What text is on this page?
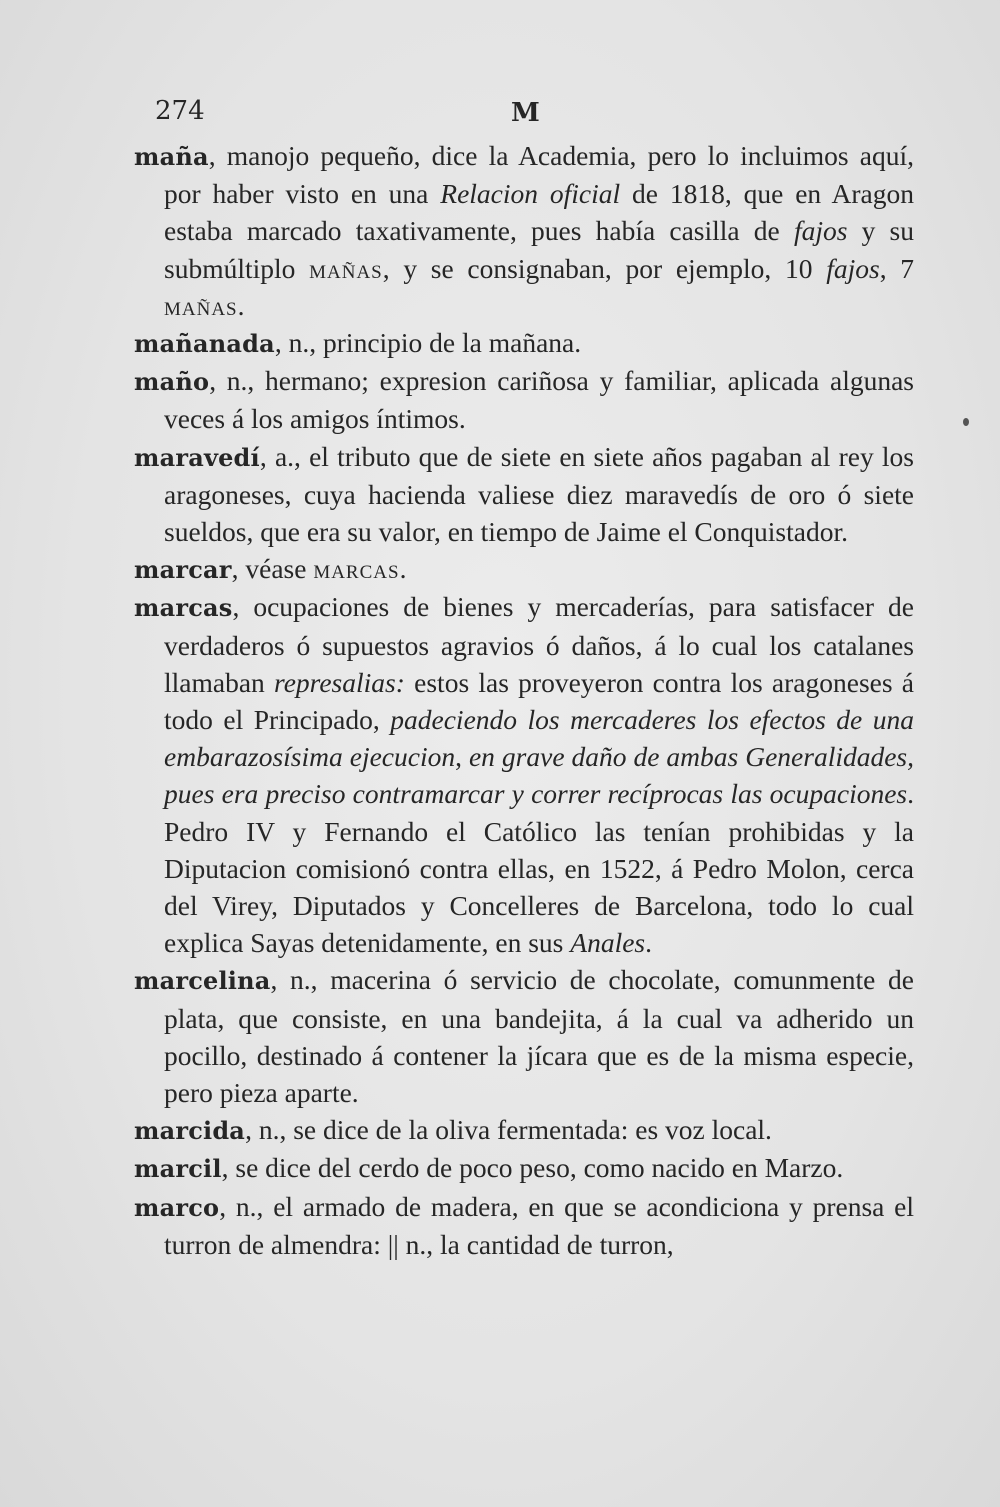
274	M

maña, manojo pequeño, dice la Academia, pero lo incluimos aquí, por haber visto en una Relacion oficial de 1818, que en Aragon estaba marcado taxativamente, pues había casilla de fajos y su submúltiplo mañas, y se consignaban, por ejemplo, 10 fajos, 7 mañas.

mañanada, n., principio de la mañana.

maño, n., hermano; expresion cariñosa y familiar, aplicada algunas veces á los amigos íntimos.

maravedí, a., el tributo que de siete en siete años pagaban al rey los aragoneses, cuya hacienda valiese diez maravedís de oro ó siete sueldos, que era su valor, en tiempo de Jaime el Conquistador.

marcar, véase marcas.

marcas, ocupaciones de bienes y mercaderías, para satisfacer de verdaderos ó supuestos agravios ó daños, á lo cual los catalanes llamaban represalias: estos las proveyeron contra los aragoneses á todo el Principado, padeciendo los mercaderes los efectos de una embarazosísima ejecucion, en grave daño de ambas Generalidades, pues era preciso contramarcar y correr recíprocas las ocupaciones. Pedro IV y Fernando el Católico las tenían prohibidas y la Diputacion comisionó contra ellas, en 1522, á Pedro Molon, cerca del Virey, Diputados y Concelleres de Barcelona, todo lo cual explica Sayas detenidamente, en sus Anales.

marcelina, n., macerina ó servicio de chocolate, comunmente de plata, que consiste, en una bandejita, á la cual va adherido un pocillo, destinado á contener la jícara que es de la misma especie, pero pieza aparte.

marcida, n., se dice de la oliva fermentada: es voz local.

marcil, se dice del cerdo de poco peso, como nacido en Marzo.

marco, n., el armado de madera, en que se acondiciona y prensa el turron de almendra: || n., la cantidad de turron,
